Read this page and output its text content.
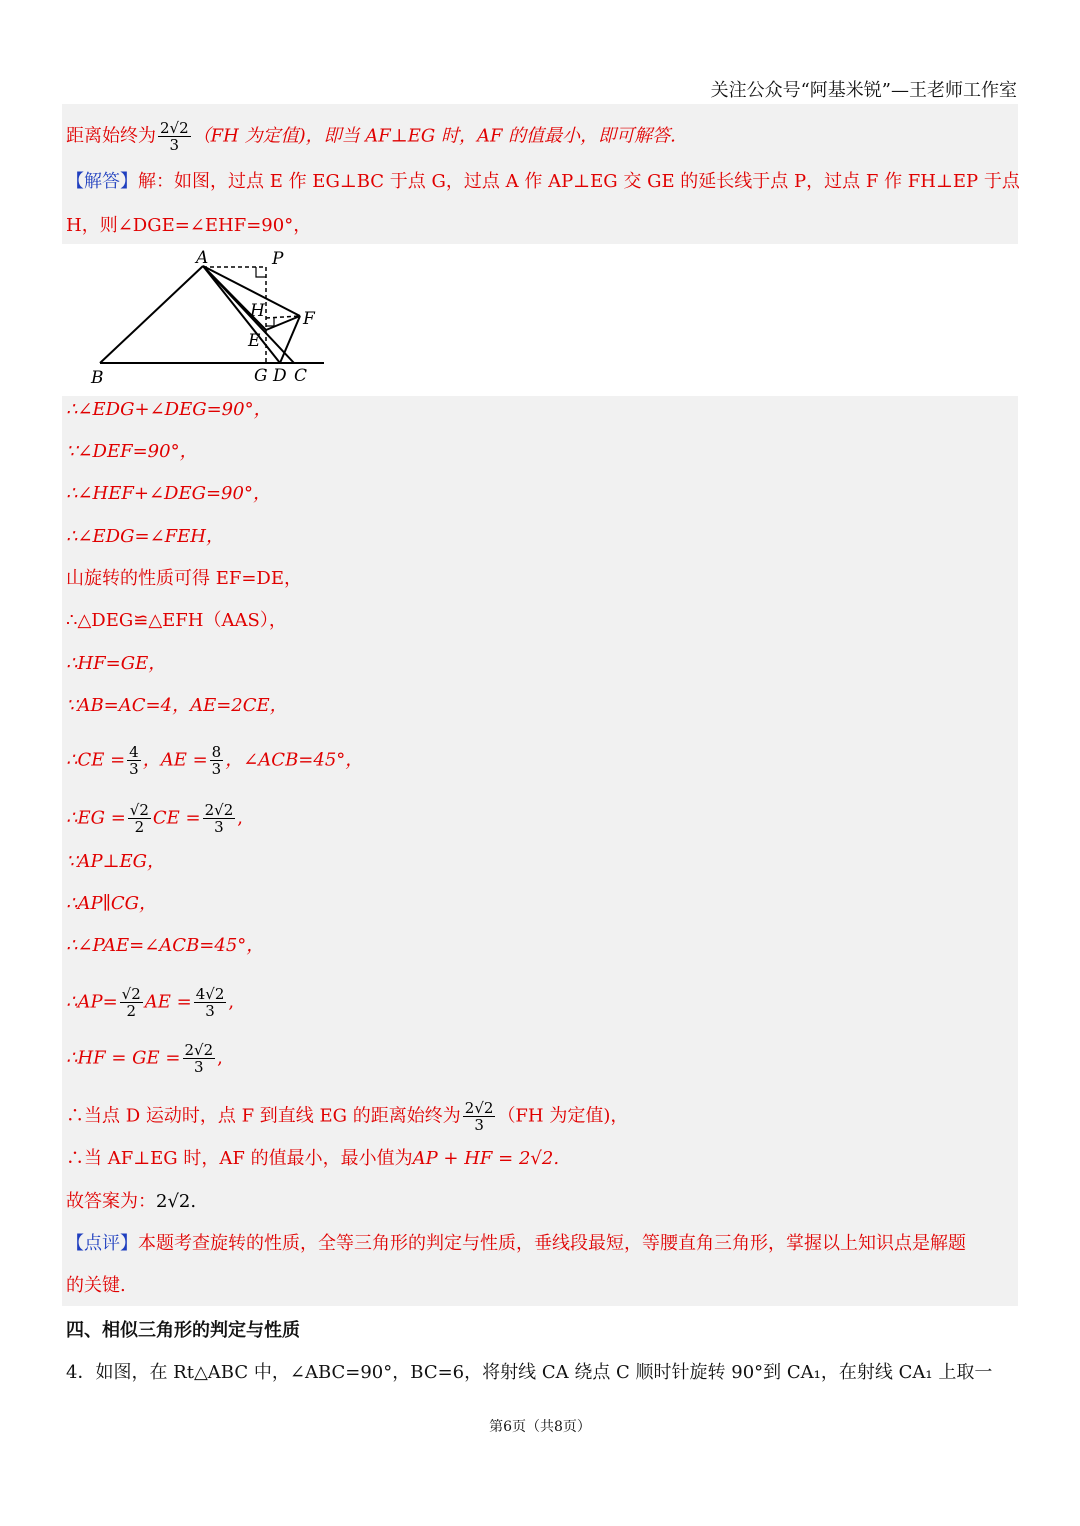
关注公众号“阿基米锐”—王老师工作室
距离始终为 $\frac{2√2}{3} (FH$ 为定值)，即当 AF⊥EG 时，AF 的值最小，即可解答.
【解答】解：如图，过点 E 作 EG⊥BC 于点 G，过点 A 作 AP⊥EG 交 GE 的延长线于点 P，过点 F 作 FH⊥EP 于点
H，则∠DGE=∠EHF=90°，
A	P
H F
E
B	G D C
∴∠EDG+∠DEG=90°，
∵∠DEF=90°，
∴∠HEF+∠DEG=90°，
∴∠EDG=∠FEH，
山旋转的性质可得 EF=DE，
∴△DEG≌△EFH（AAS），
∴HF=GE，
∵AB=AC=4，AE=2CE，
∴CE = $\frac{4}{3}$ ，AE = $\frac{8}{3}$ ，∠ACB=45°，
∴EG = $\frac{√2}{2}$ CE = $\frac{2√2}{3}$ ,
∵AP⊥EG，
∴AP∥CG，
∴∠PAE=∠ACB=45°，
∴AP= $\frac{√2}{2}$ AE = $\frac{4√2}{3}$ ,
∴HF = GE = $\frac{2√2}{3}$ ,
∴当点 D 运动时，点 F 到直线 EG 的距离始终为 $\frac{2√2}{3} (FH$ 为定值)，
∴当 AF⊥EG 时，AF 的值最小，最小值为AP + HF = 2√2.
故答案为：2√2.
【点评】本题考查旋转的性质，全等三角形的判定与性质，垂线段最短，等腰直角三角形，掌握以上知识点是解题
的关键.
四、相似三角形的判定与性质
4．如图，在 Rt△ABC 中，∠ABC=90°，BC=6，将射线 CA 绕点 C 顺时针旋转 90°到 CA₁，在射线 CA₁ 上取一
第6页（共8页）
